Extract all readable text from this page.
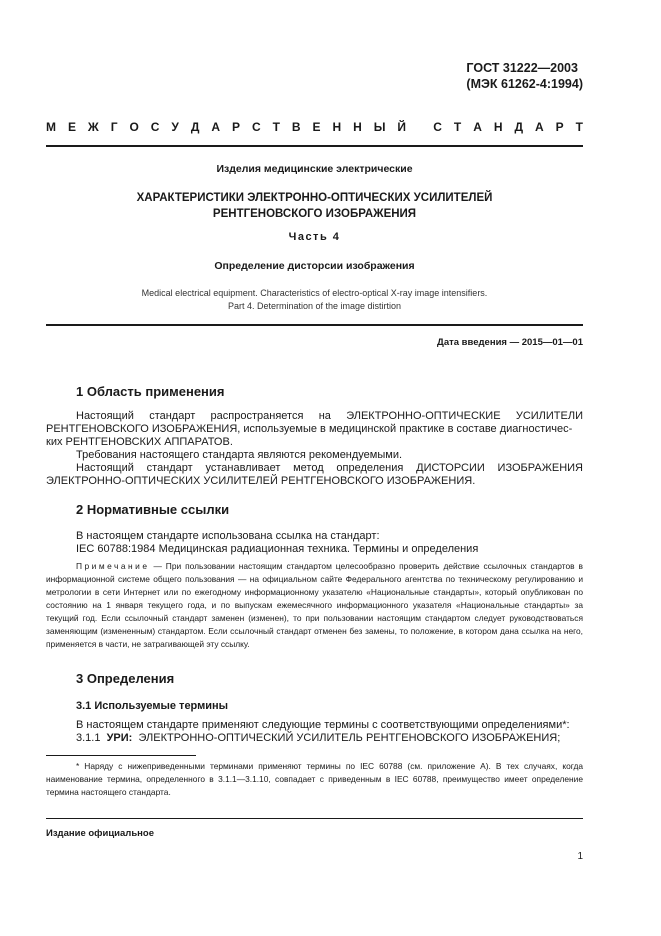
ГОСТ 31222—2003
(МЭК 61262-4:1994)
М Е Ж Г О С У Д А Р С Т В Е Н Н Ы Й
С Т А Н Д А Р Т
Изделия медицинские электрические
ХАРАКТЕРИСТИКИ ЭЛЕКТРОННО-ОПТИЧЕСКИХ УСИЛИТЕЛЕЙ
РЕНТГЕНОВСКОГО ИЗОБРАЖЕНИЯ
Часть 4
Определение дисторсии изображения
Medical electrical equipment. Characteristics of electro-optical X-ray image intensifiers.
Part 4. Determination of the image distirtion
Дата введения — 2015—01—01
1 Область применения
Настоящий стандарт распространяется на ЭЛЕКТРОННО-ОПТИЧЕСКИЕ УСИЛИТЕЛИ РЕНТГЕНОВСКОГО ИЗОБРАЖЕНИЯ, используемые в медицинской практике в составе диагностичес-
ких РЕНТГЕНОВСКИХ АППАРАТОВ.
Требования настоящего стандарта являются рекомендуемыми.
Настоящий стандарт устанавливает метод определения ДИСТОРСИИ ИЗОБРАЖЕНИЯ ЭЛЕКТРОННО-ОПТИЧЕСКИХ УСИЛИТЕЛЕЙ РЕНТГЕНОВСКОГО ИЗОБРАЖЕНИЯ.
2 Нормативные ссылки
В настоящем стандарте использована ссылка на стандарт:
IEC 60788:1984 Медицинская радиационная техника. Термины и определения
Примечание — При пользовании настоящим стандартом целесообразно проверить действие ссылочных стандартов в информационной системе общего пользования — на официальном сайте Федерального агентства по техническому регулированию и метрологии в сети Интернет или по ежегодному информационному указателю «Национальные стандарты», который опубликован по состоянию на 1 января текущего года, и по выпускам ежемесячного информационного указателя «Национальные стандарты» за текущий год. Если ссылочный стандарт заменен (изменен), то при пользовании настоящим стандартом следует руководствоваться заменяющим (измененным) стандартом. Если ссылочный стандарт отменен без замены, то положение, в котором дана ссылка на него, применяется в части, не затрагивающей эту ссылку.
3 Определения
3.1 Используемые термины
В настоящем стандарте применяют следующие термины с соответствующими определениями*:
3.1.1 УРИ: ЭЛЕКТРОННО-ОПТИЧЕСКИЙ УСИЛИТЕЛЬ РЕНТГЕНОВСКОГО ИЗОБРАЖЕНИЯ;
* Наряду с нижеприведенными терминами применяют термины по IEC 60788 (см. приложение А). В тех случаях, когда наименование термина, определенного в 3.1.1—3.1.10, совпадает с приведенным в IEC 60788, преимущество имеет определение термина настоящего стандарта.
Издание официальное
1
